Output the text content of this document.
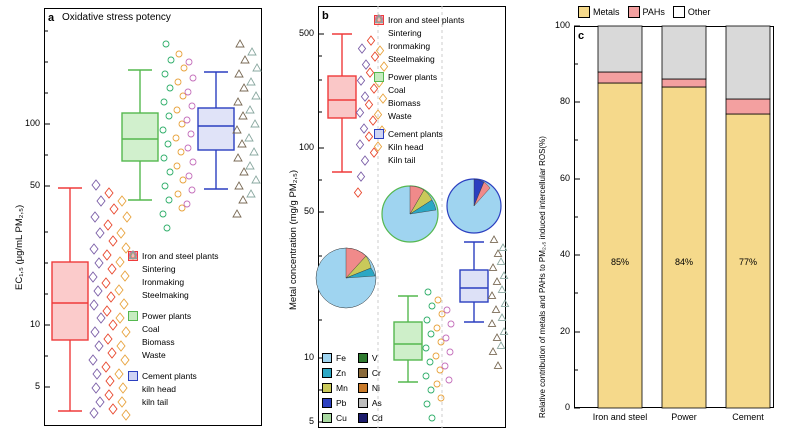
a Oxidative stress potency
EC₁,₅ (μg/mL PM₂,₅)
5
10
50
100
Iron and steel plants
Sintering
Ironmaking
Steelmaking
Power plants
Coal
Biomass
Waste
Cement plants
kiln head
kiln tail
b
Metal concentration (mg/g PM₂,₅)
5
10
50
100
500
Iron and steel plants
Sintering
Ironmaking
Steelmaking
Power plants
Coal
Biomass
Waste
Cement plants
Kiln head
Kiln tail
Fe	V
Zn	Cr
Mn	Ni
Pb	As
Cu	Cd
c
Relative contribution of metals and PAHs to PM₂,₅ induced intercellular ROS(%)	0
20
40
60
80
100
85%	84%	77%
Iron and steel	Power	Cement
Metals	PAHs	Other
